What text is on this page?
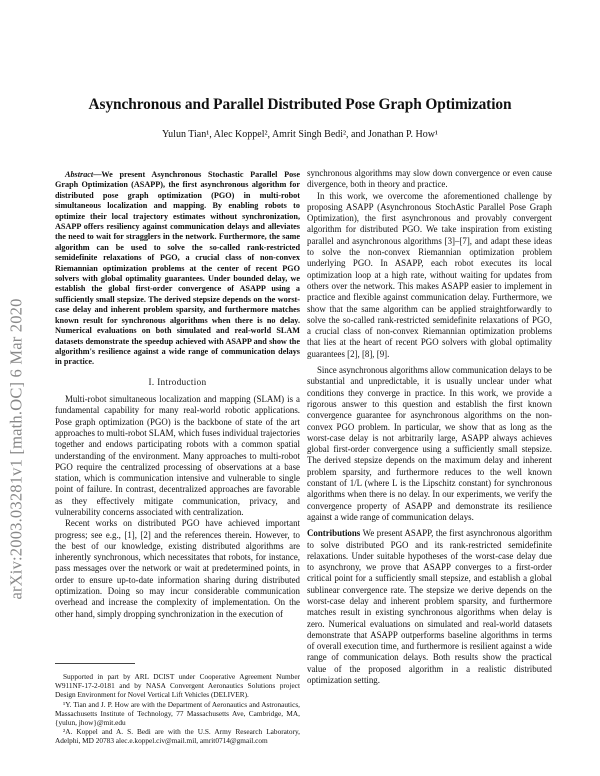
arXiv:2003.03281v1 [math.OC] 6 Mar 2020
Asynchronous and Parallel Distributed Pose Graph Optimization
Yulun Tian¹, Alec Koppel², Amrit Singh Bedi², and Jonathan P. How¹

Abstract—We present Asynchronous Stochastic Parallel Pose Graph Optimization (ASAPP), the first asynchronous algorithm for distributed pose graph optimization (PGO) in multi-robot simultaneous localization and mapping. By enabling robots to optimize their local trajectory estimates without synchronization, ASAPP offers resiliency against communication delays and alleviates the need to wait for stragglers in the network. Furthermore, the same algorithm can be used to solve the so-called rank-restricted semidefinite relaxations of PGO, a crucial class of non-convex Riemannian optimization problems at the center of recent PGO solvers with global optimality guarantees. Under bounded delay, we establish the global first-order convergence of ASAPP using a sufficiently small stepsize. The derived stepsize depends on the worst-case delay and inherent problem sparsity, and furthermore matches known result for synchronous algorithms when there is no delay. Numerical evaluations on both simulated and real-world SLAM datasets demonstrate the speedup achieved with ASAPP and show the algorithm's resilience against a wide range of communication delays in practice.

I. Introduction

Multi-robot simultaneous localization and mapping (SLAM) is a fundamental capability for many real-world robotic applications. Pose graph optimization (PGO) is the backbone of state of the art approaches to multi-robot SLAM, which fuses individual trajectories together and endows participating robots with a common spatial understanding of the environment. Many approaches to multi-robot PGO require the centralized processing of observations at a base station, which is communication intensive and vulnerable to single point of failure. In contrast, decentralized approaches are favorable as they effectively mitigate communication, privacy, and vulnerability concerns associated with centralization.

Recent works on distributed PGO have achieved important progress; see e.g., [1], [2] and the references therein. However, to the best of our knowledge, existing distributed algorithms are inherently synchronous, which necessitates that robots, for instance, pass messages over the network or wait at predetermined points, in order to ensure up-to-date information sharing during distributed optimization. Doing so may incur considerable communication overhead and increase the complexity of implementation. On the other hand, simply dropping synchronization in the execution of

Supported in part by ARL DCIST under Cooperative Agreement Number W911NF-17-2-0181 and by NASA Convergent Aeronautics Solutions project Design Environment for Novel Vertical Lift Vehicles (DELIVER).

¹Y. Tian and J. P. How are with the Department of Aeronautics and Astronautics, Massachusetts Institute of Technology, 77 Massachusetts Ave, Cambridge, MA, {yulun, jhow}@mit.edu

²A. Koppel and A. S. Bedi are with the U.S. Army Research Laboratory, Adelphi, MD 20783 alec.e.koppel.civ@mail.mil, amrit0714@gmail.com

synchronous algorithms may slow down convergence or even cause divergence, both in theory and practice.

In this work, we overcome the aforementioned challenge by proposing ASAPP (Asynchronous StochAstic Parallel Pose Graph Optimization), the first asynchronous and provably convergent algorithm for distributed PGO. We take inspiration from existing parallel and asynchronous algorithms [3]–[7], and adapt these ideas to solve the non-convex Riemannian optimization problem underlying PGO. In ASAPP, each robot executes its local optimization loop at a high rate, without waiting for updates from others over the network. This makes ASAPP easier to implement in practice and flexible against communication delay. Furthermore, we show that the same algorithm can be applied straightforwardly to solve the so-called rank-restricted semidefinite relaxations of PGO, a crucial class of non-convex Riemannian optimization problems that lies at the heart of recent PGO solvers with global optimality guarantees [2], [8], [9].

Since asynchronous algorithms allow communication delays to be substantial and unpredictable, it is usually unclear under what conditions they converge in practice. In this work, we provide a rigorous answer to this question and establish the first known convergence guarantee for asynchronous algorithms on the non-convex PGO problem. In particular, we show that as long as the worst-case delay is not arbitrarily large, ASAPP always achieves global first-order convergence using a sufficiently small stepsize. The derived stepsize depends on the maximum delay and inherent problem sparsity, and furthermore reduces to the well known constant of 1/L (where L is the Lipschitz constant) for synchronous algorithms when there is no delay. In our experiments, we verify the convergence property of ASAPP and demonstrate its resilience against a wide range of communication delays.

Contributions We present ASAPP, the first asynchronous algorithm to solve distributed PGO and its rank-restricted semidefinite relaxations. Under suitable hypotheses of the worst-case delay due to asynchrony, we prove that ASAPP converges to a first-order critical point for a sufficiently small stepsize, and establish a global sublinear convergence rate. The stepsize we derive depends on the worst-case delay and inherent problem sparsity, and furthermore matches result in existing synchronous algorithms when delay is zero. Numerical evaluations on simulated and real-world datasets demonstrate that ASAPP outperforms baseline algorithms in terms of overall execution time, and furthermore is resilient against a wide range of communication delays. Both results show the practical value of the proposed algorithm in a realistic distributed optimization setting.
